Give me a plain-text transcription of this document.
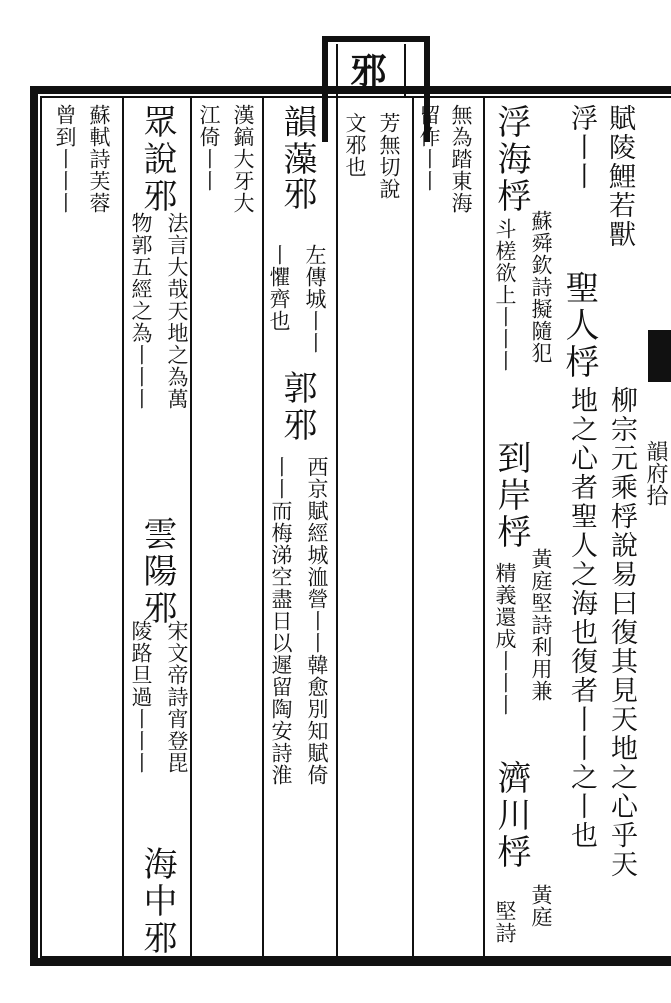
邪
韻府拾
賦陵鯉若獸
浮丨丨
聖人桴
柳宗元乘桴說易曰復其見天地之心乎天
地之心者聖人之海也復者丨丨之丨也
浮海桴
蘇舜欽詩擬隨犯
斗槎欲上丨丨丨
到岸桴
黃庭堅詩利用兼
精義還成丨丨丨
濟川桴
黃庭
堅詩
無為踏東海
留作丨丨
芳無切說
文邪也
韻藻
邪
左傳城丨丨
丨懼齊也
郭邪
西京賦經城洫營丨丨韓愈別知賦倚
丨丨而梅涕空盡日以遲留陶安詩淮
漢鎬大牙大
江倚丨丨
眾說邪
法言大哉天地之為萬
物郭五經之為丨丨丨
雲陽邪
宋文帝詩宵登毘
陵路旦過丨丨丨
海中邪
蘇軾詩芙蓉
曾到丨丨丨
